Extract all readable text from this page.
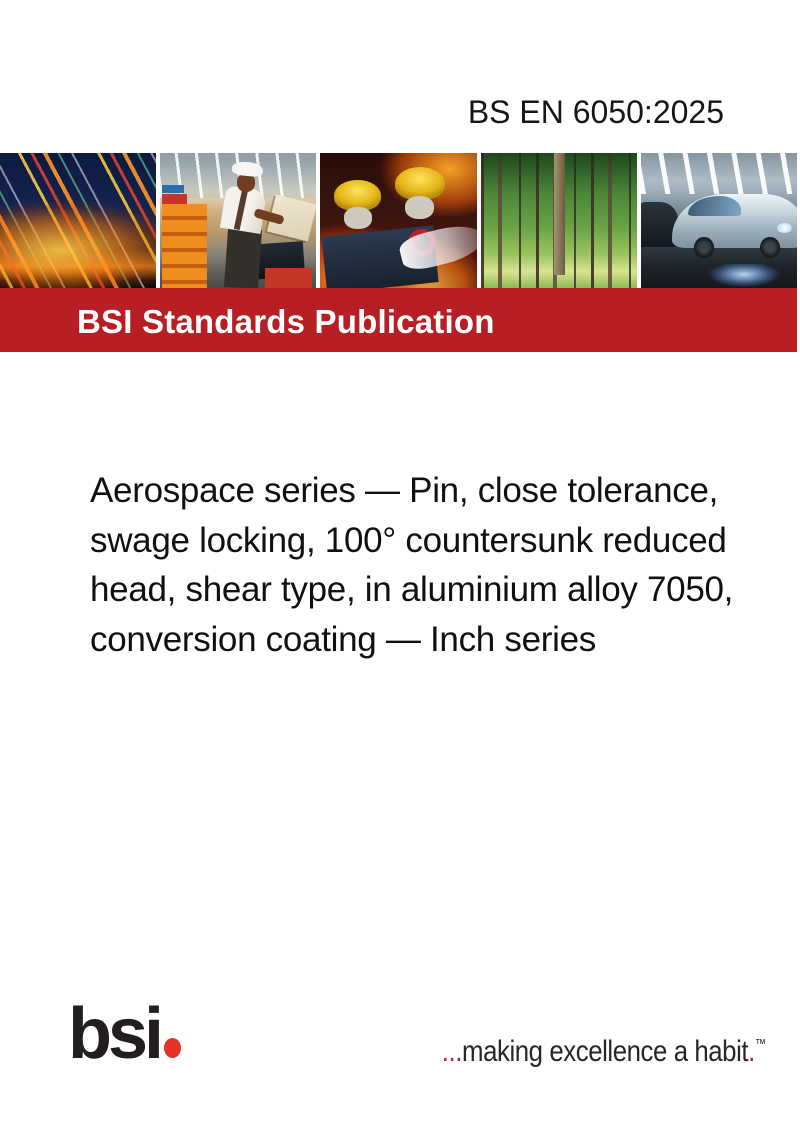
BS EN 6050:2025
BSI Standards Publication
Aerospace series — Pin, close tolerance,
swage locking, 100° countersunk reduced
head, shear type, in aluminium alloy 7050,
conversion coating — Inch series
bsi	...making excellence a habit.™
